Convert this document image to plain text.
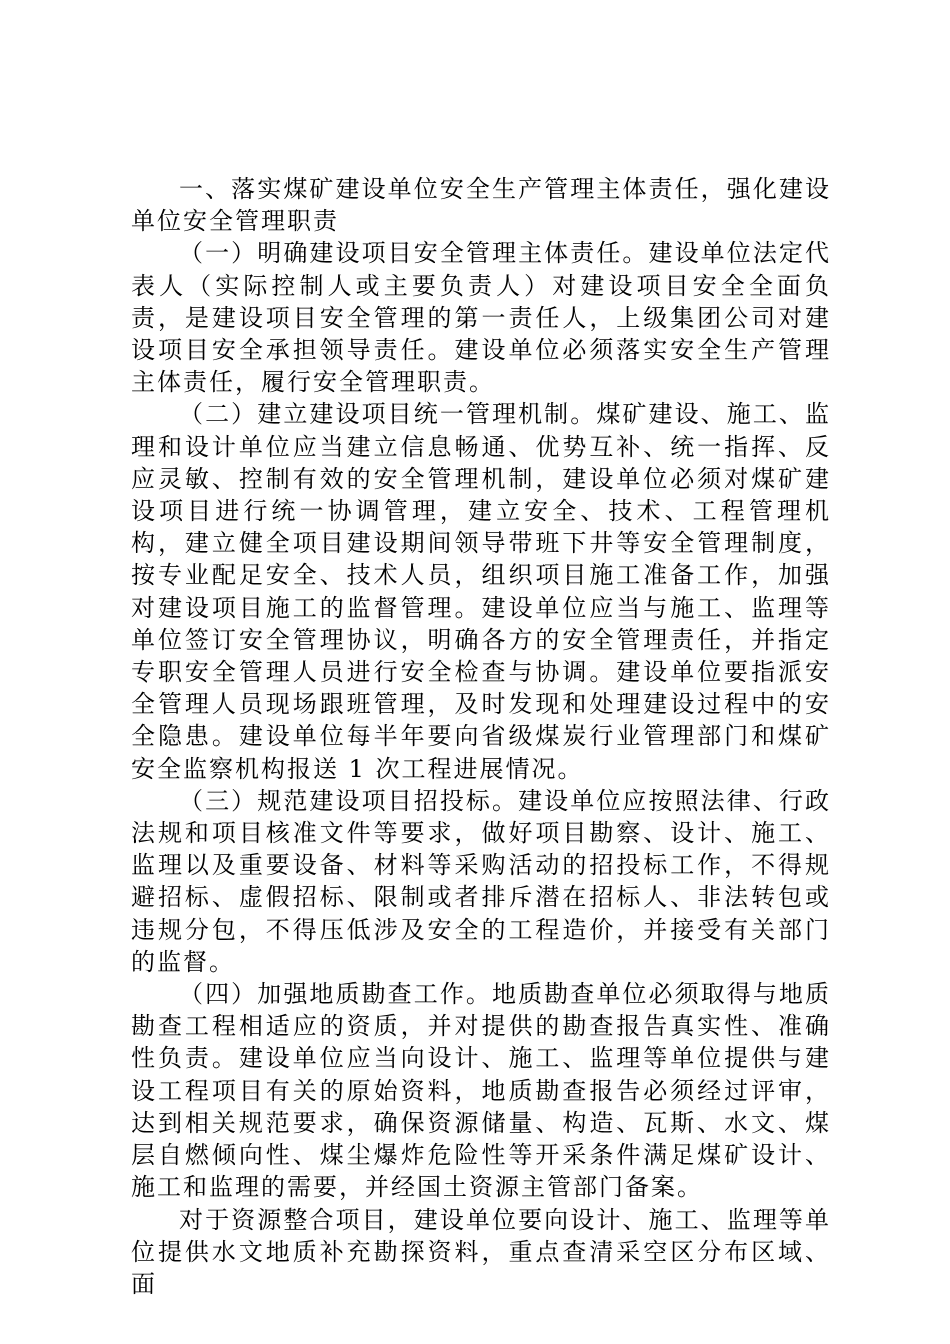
一、落实煤矿建设单位安全生产管理主体责任，强化建设单位安全管理职责

（一）明确建设项目安全管理主体责任。建设单位法定代表人（实际控制人或主要负责人）对建设项目安全全面负责，是建设项目安全管理的第一责任人，上级集团公司对建设项目安全承担领导责任。建设单位必须落实安全生产管理主体责任，履行安全管理职责。

（二）建立建设项目统一管理机制。煤矿建设、施工、监理和设计单位应当建立信息畅通、优势互补、统一指挥、反应灵敏、控制有效的安全管理机制，建设单位必须对煤矿建设项目进行统一协调管理，建立安全、技术、工程管理机构，建立健全项目建设期间领导带班下井等安全管理制度，按专业配足安全、技术人员，组织项目施工准备工作，加强对建设项目施工的监督管理。建设单位应当与施工、监理等单位签订安全管理协议，明确各方的安全管理责任，并指定专职安全管理人员进行安全检查与协调。建设单位要指派安全管理人员现场跟班管理，及时发现和处理建设过程中的安全隐患。建设单位每半年要向省级煤炭行业管理部门和煤矿安全监察机构报送 1 次工程进展情况。

（三）规范建设项目招投标。建设单位应按照法律、行政法规和项目核准文件等要求，做好项目勘察、设计、施工、监理以及重要设备、材料等采购活动的招投标工作，不得规避招标、虚假招标、限制或者排斥潜在招标人、非法转包或违规分包，不得压低涉及安全的工程造价，并接受有关部门的监督。

（四）加强地质勘查工作。地质勘查单位必须取得与地质勘查工程相适应的资质，并对提供的勘查报告真实性、准确性负责。建设单位应当向设计、施工、监理等单位提供与建设工程项目有关的原始资料，地质勘查报告必须经过评审，达到相关规范要求，确保资源储量、构造、瓦斯、水文、煤层自燃倾向性、煤尘爆炸危险性等开采条件满足煤矿设计、施工和监理的需要，并经国土资源主管部门备案。

对于资源整合项目，建设单位要向设计、施工、监理等单位提供水文地质补充勘探资料，重点查清采空区分布区域、面
